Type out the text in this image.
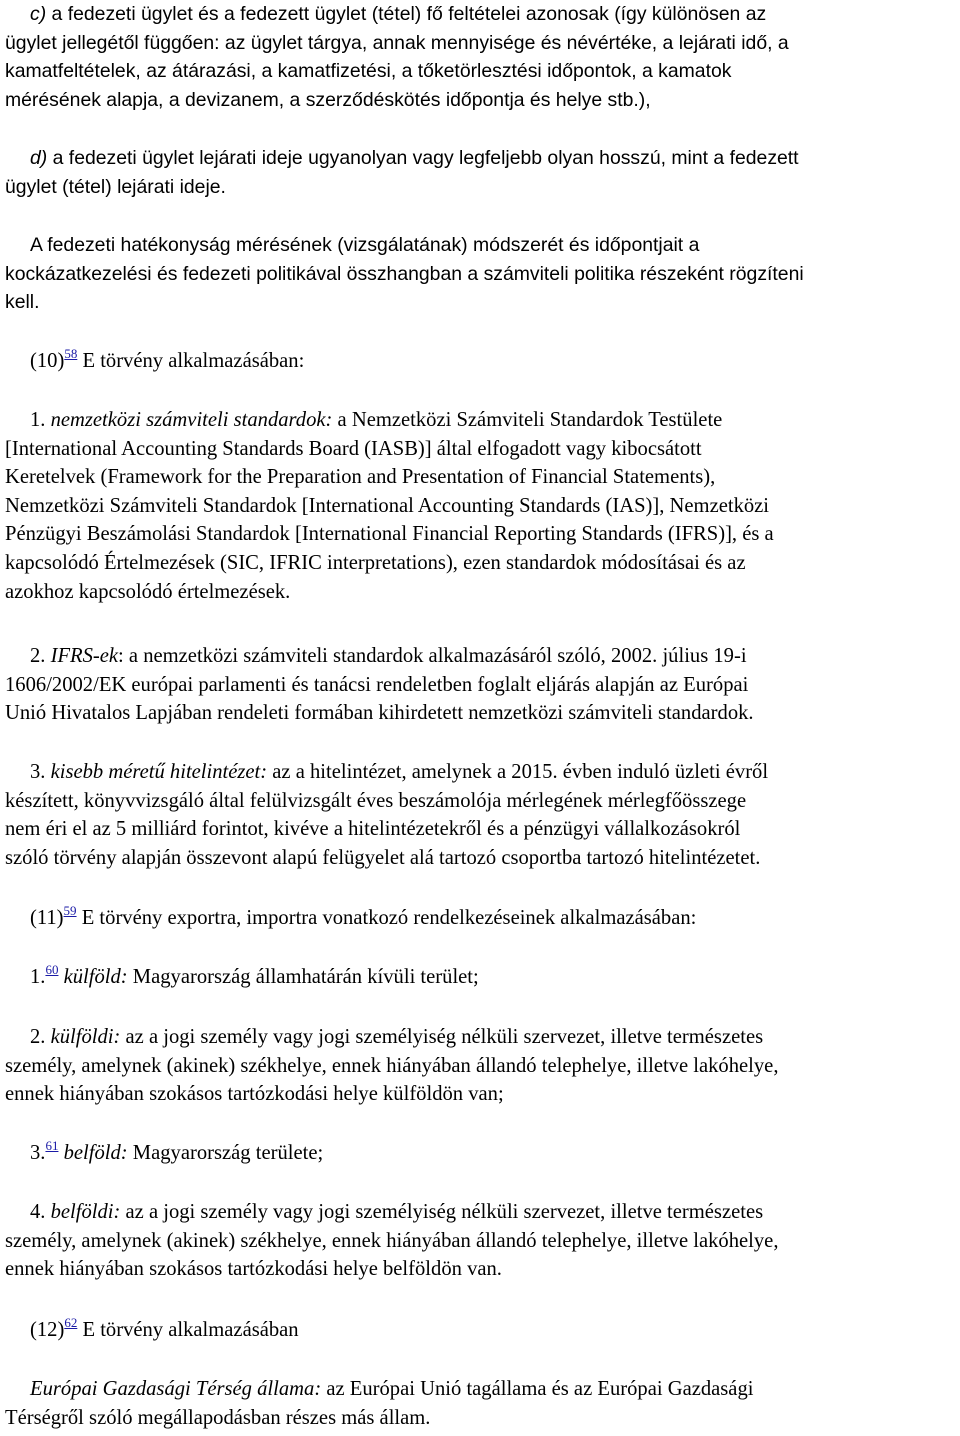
c) a fedezeti ügylet és a fedezett ügylet (tétel) fő feltételei azonosak (így különösen az
ügylet jellegétől függően: az ügylet tárgya, annak mennyisége és névértéke, a lejárati idő, a
kamatfeltételek, az átárazási, a kamatfizetési, a tőketörlesztési időpontok, a kamatok
mérésének alapja, a devizanem, a szerződéskötés időpontja és helye stb.),

d) a fedezeti ügylet lejárati ideje ugyanolyan vagy legfeljebb olyan hosszú, mint a fedezett
ügylet (tétel) lejárati ideje.

A fedezeti hatékonyság mérésének (vizsgálatának) módszerét és időpontjait a
kockázatkezelési és fedezeti politikával összhangban a számviteli politika részeként rögzíteni
kell.

(10)$^{58}$ E törvény alkalmazásában:

1. nemzetközi számviteli standardok: a Nemzetközi Számviteli Standardok Testülete
[International Accounting Standards Board (IASB)] által elfogadott vagy kibocsátott
Keretelvek (Framework for the Preparation and Presentation of Financial Statements),
Nemzetközi Számviteli Standardok [International Accounting Standards (IAS)], Nemzetközi
Pénzügyi Beszámolási Standardok [International Financial Reporting Standards (IFRS)], és a
kapcsolódó Értelmezések (SIC, IFRIC interpretations), ezen standardok módosításai és az
azokhoz kapcsolódó értelmezések.

2. IFRS-ek: a nemzetközi számviteli standardok alkalmazásáról szóló, 2002. július 19-i
1606/2002/EK európai parlamenti és tanácsi rendeletben foglalt eljárás alapján az Európai
Unió Hivatalos Lapjában rendeleti formában kihirdetett nemzetközi számviteli standardok.

3. kisebb méretű hitelintézet: az a hitelintézet, amelynek a 2015. évben induló üzleti évről
készített, könyvvizsgáló által felülvizsgált éves beszámolója mérlegének mérlegfőösszege
nem éri el az 5 milliárd forintot, kivéve a hitelintézetekről és a pénzügyi vállalkozásokról
szóló törvény alapján összevont alapú felügyelet alá tartozó csoportba tartozó hitelintézetet.

(11)$^{59}$ E törvény exportra, importra vonatkozó rendelkezéseinek alkalmazásában:

1.60 külföld: Magyarország államhatárán kívüli terület;

2. külföldi: az a jogi személy vagy jogi személyiség nélküli szervezet, illetve természetes
személy, amelynek (akinek) székhelye, ennek hiányában állandó telephelye, illetve lakóhelye,
ennek hiányában szokásos tartózkodási helye külföldön van;

3.61 belföld: Magyarország területe;

4. belföldi: az a jogi személy vagy jogi személyiség nélküli szervezet, illetve természetes
személy, amelynek (akinek) székhelye, ennek hiányában állandó telephelye, illetve lakóhelye,
ennek hiányában szokásos tartózkodási helye belföldön van.

(12)$^{62}$ E törvény alkalmazásában

Európai Gazdasági Térség állama: az Európai Unió tagállama és az Európai Gazdasági
Térségről szóló megállapodásban részes más állam.
